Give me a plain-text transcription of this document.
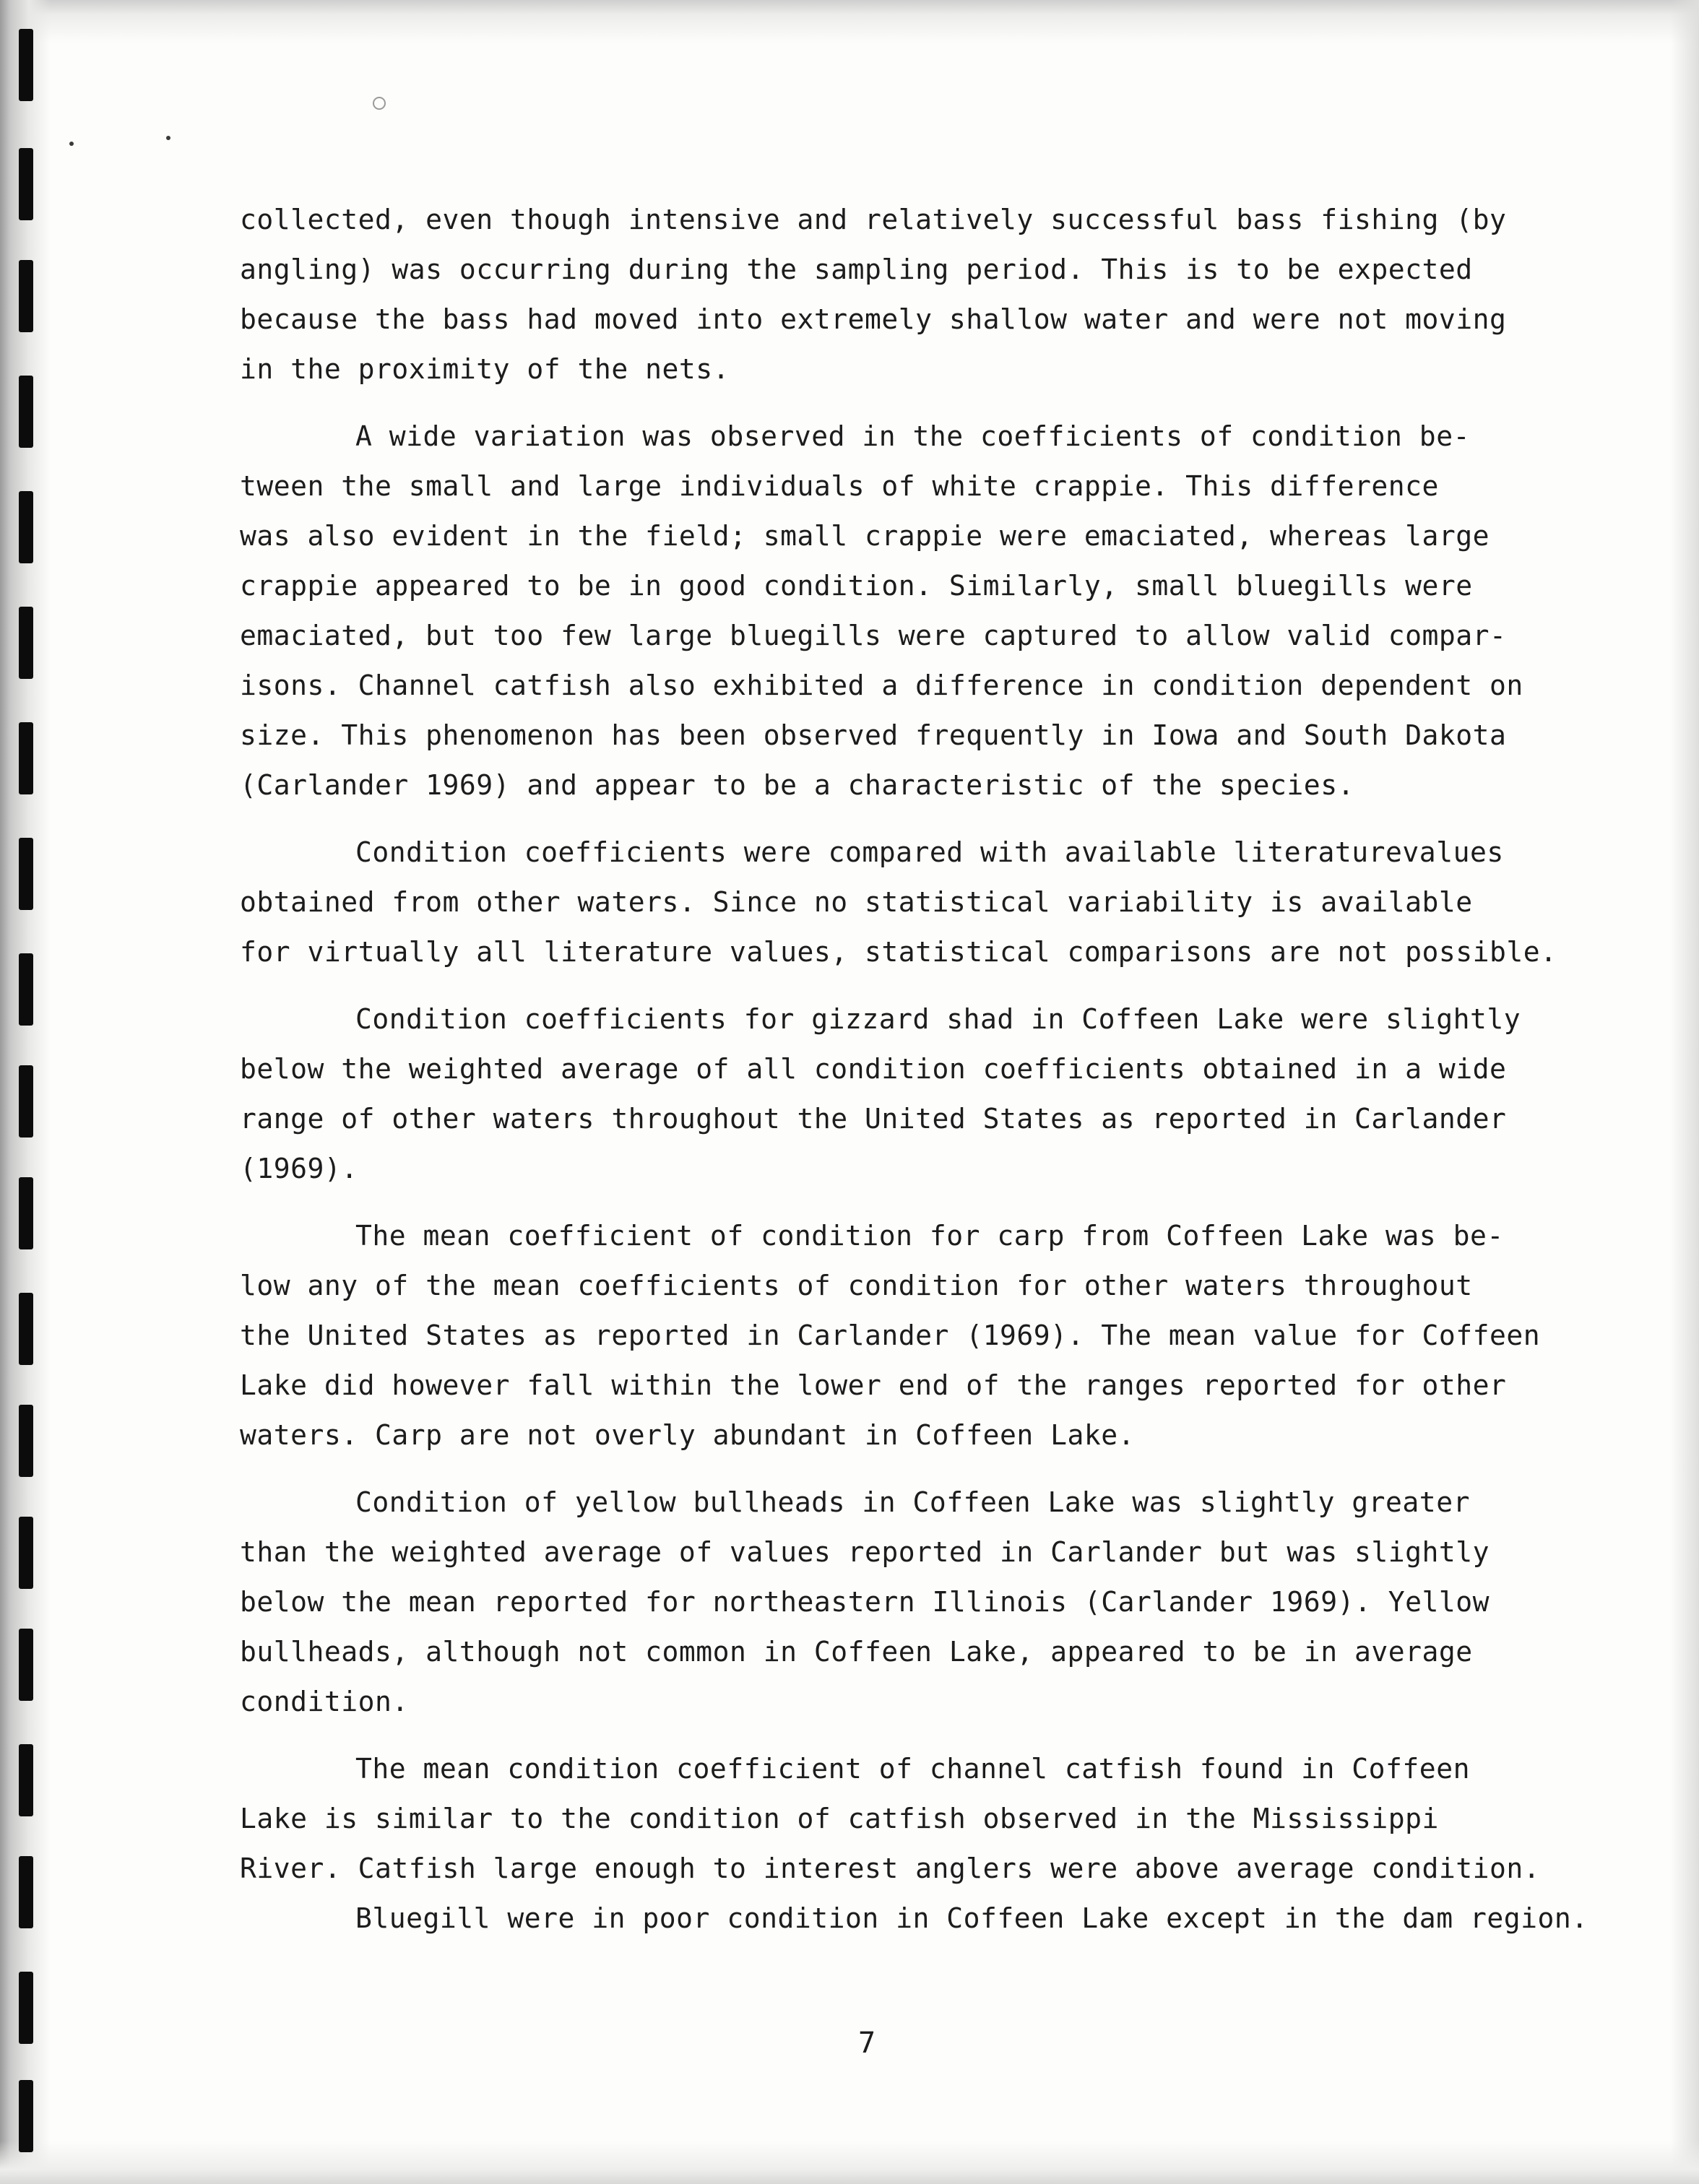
collected, even though intensive and relatively successful bass fishing (by
angling) was occurring during the sampling period. This is to be expected
because the bass had moved into extremely shallow water and were not moving
in the proximity of the nets.
A wide variation was observed in the coefficients of condition be-
tween the small and large individuals of white crappie. This difference
was also evident in the field; small crappie were emaciated, whereas large
crappie appeared to be in good condition. Similarly, small bluegills were
emaciated, but too few large bluegills were captured to allow valid compar-
isons. Channel catfish also exhibited a difference in condition dependent on
size. This phenomenon has been observed frequently in Iowa and South Dakota
(Carlander 1969) and appear to be a characteristic of the species.
Condition coefficients were compared with available literaturevalues
obtained from other waters. Since no statistical variability is available
for virtually all literature values, statistical comparisons are not possible.
Condition coefficients for gizzard shad in Coffeen Lake were slightly
below the weighted average of all condition coefficients obtained in a wide
range of other waters throughout the United States as reported in Carlander
(1969).
The mean coefficient of condition for carp from Coffeen Lake was be-
low any of the mean coefficients of condition for other waters throughout
the United States as reported in Carlander (1969). The mean value for Coffeen
Lake did however fall within the lower end of the ranges reported for other
waters. Carp are not overly abundant in Coffeen Lake.
Condition of yellow bullheads in Coffeen Lake was slightly greater
than the weighted average of values reported in Carlander but was slightly
below the mean reported for northeastern Illinois (Carlander 1969). Yellow
bullheads, although not common in Coffeen Lake, appeared to be in average
condition.
The mean condition coefficient of channel catfish found in Coffeen
Lake is similar to the condition of catfish observed in the Mississippi
River. Catfish large enough to interest anglers were above average condition.
Bluegill were in poor condition in Coffeen Lake except in the dam region.
7
